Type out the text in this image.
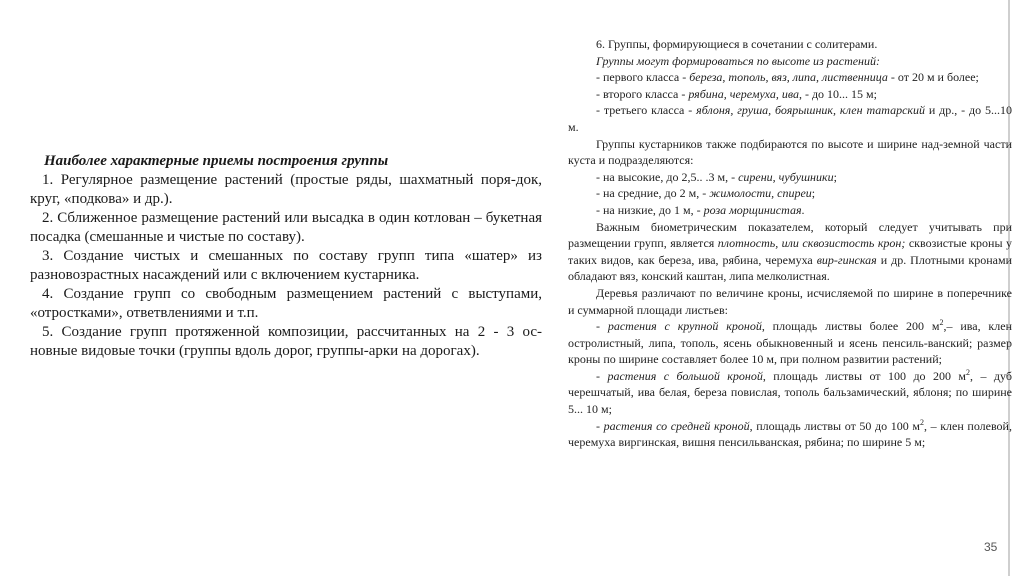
Наиболее характерные приемы построения группы

1. Регулярное размещение растений (простые ряды, шахматный поря-док, круг, «подкова» и др.).

2. Сближенное размещение растений или высадка в один котлован – букетная посадка (смешанные и чистые по составу).

3. Создание чистых и смешанных по составу групп типа «шатер» из разновозрастных насаждений или с включением кустарника.

4. Создание групп со свободным размещением растений с выступами, «отростками», ответвлениями и т.п.

5. Создание групп протяженной композиции, рассчитанных на 2 - 3 ос-новные видовые точки (группы вдоль дорог, группы-арки на дорогах).

6. Группы, формирующиеся в сочетании с солитерами.

Группы могут формироваться по высоте из растений:

- первого класса - береза, тополь, вяз, липа, лиственница - от 20 м и более;

- второго класса - рябина, черемуха, ива, - до 10... 15 м;

- третьего класса - яблоня, груша, боярышник, клен татарский и др., - до 5...10 м.

Группы кустарников также подбираются по высоте и ширине над-земной части куста и подразделяются:

- на высокие, до 2,5.. .3 м, - сирени, чубушники;

- на средние, до 2 м, - жимолости, спиреи;

- на низкие, до 1 м, - роза морщинистая.

Важным биометрическим показателем, который следует учитывать при размещении групп, является плотность, или сквозистость крон; сквозистые кроны у таких видов, как береза, ива, рябина, черемуха вир-гинская и др. Плотными кронами обладают вяз, конский каштан, липа мелколистная.

Деревья различают по величине кроны, исчисляемой по ширине в поперечнике и суммарной площади листьев:

- растения с крупной кроной, площадь листвы более 200 $м^2,-$ ива, клен остролистный, липа, тополь, ясень обыкновенный и ясень пенсиль-ванский; размер кроны по ширине составляет более 10 м, при полном развитии растений;

- растения с большой кроной, площадь листвы от 100 до 200 $м^2$, – дуб черешчатый, ива белая, береза повислая, тополь бальзамический, яблоня; по ширине 5... 10 м;

- растения со средней кроной, площадь листвы от 50 до 100 $м^2$, – клен полевой, черемуха виргинская, вишня пенсильванская, рябина; по ширине 5 м;

35
